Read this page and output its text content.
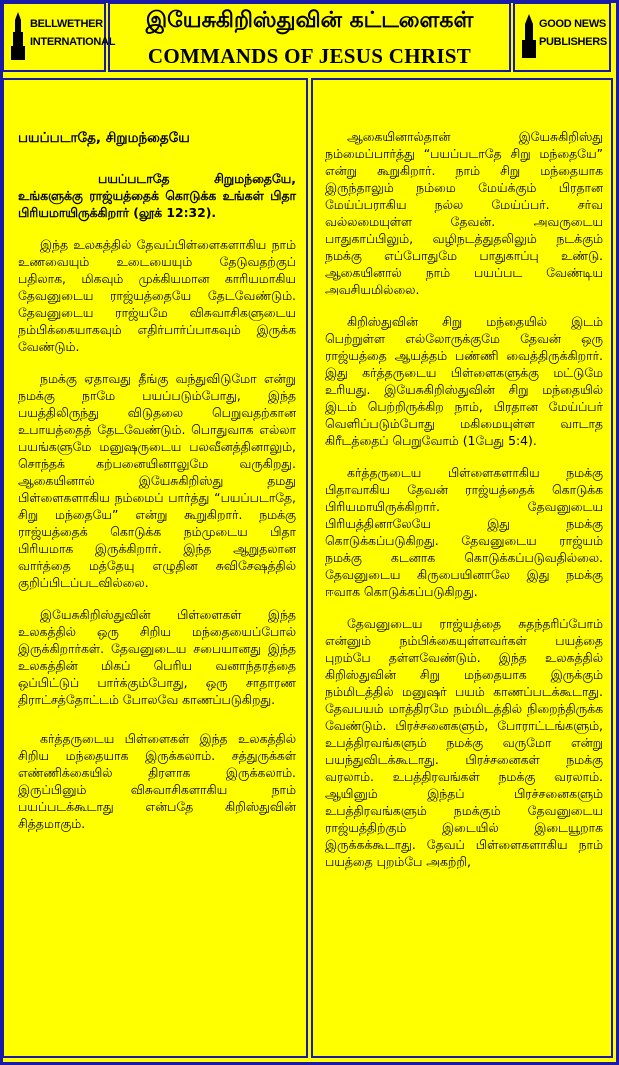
BELLWETHER
INTERNATIONAL
இயேசுகிறிஸ்துவின் கட்டளைகள்
COMMANDS OF JESUS CHRIST
GOOD NEWS
PUBLISHERS

பயப்படாதே, சிறுமந்தையே

பயப்படாதே சிறுமந்தையே, உங்களுக்கு ராஜ்யத்தைக் கொடுக்க உங்கள் பிதா பிரியமாயிருக்கிறார் (லூக் 12:32).

இந்த உலகத்தில் தேவப்பிள்ளைகளாகிய நாம் உணவையும் உடையையும் தேடுவதற்குப் பதிலாக, மிகவும் முக்கியமான காரியமாகிய தேவனுடைய ராஜ்யத்தையே தேடவேண்டும். தேவனுடைய ராஜ்யமே விசுவாசிகளுடைய நம்பிக்கையாகவும் எதிர்பார்ப்பாகவும் இருக்க வேண்டும்.

நமக்கு ஏதாவது தீங்கு வந்துவிடுமோ என்று நமக்கு நாமே பயப்படும்போது, இந்த பயத்திலிருந்து விடுதலை பெறுவதற்கான உபாயத்தைத் தேடவேண்டும். பொதுவாக எல்லா பயங்களுமே மனுஷருடைய பலவீனத்தினாலும், சொந்தக் கற்பனையினாலுமே வருகிறது. ஆகையினால் இயேசுகிறிஸ்து தமது பிள்ளைகளாகிய நம்மைப் பார்த்து “பயப்படாதே, சிறு மந்தையே” என்று கூறுகிறார். நமக்கு ராஜ்யத்தைக் கொடுக்க நம்முடைய பிதா பிரியமாக இருக்கிறார். இந்த ஆறுதலான வார்த்தை மத்தேயு எழுதின சுவிசேஷத்தில் குறிப்பிடப்படவில்லை.

இயேசுகிறிஸ்துவின் பிள்ளைகள் இந்த உலகத்தில் ஒரு சிறிய மந்தையைப்போல் இருக்கிறார்கள். தேவனுடைய சபையானது இந்த உலகத்தின் மிகப் பெரிய வனாந்தரத்தை ஒப்பிட்டுப் பார்க்கும்போது, ஒரு சாதாரண திராட்சத்தோட்டம் போலவே காணப்படுகிறது.

கர்த்தருடைய பிள்ளைகள் இந்த உலகத்தில் சிறிய மந்தையாக இருக்கலாம். சத்துருக்கள் எண்ணிக்கையில் திரளாக இருக்கலாம். இருப்பினும் விசுவாசிகளாகிய நாம் பயப்படக்கூடாது என்பதே கிறிஸ்துவின் சித்தமாகும்.

ஆகையினால்தான் இயேசுகிறிஸ்து நம்மைப்பார்த்து “பயப்படாதே சிறு மந்தையே” என்று கூறுகிறார். நாம் சிறு மந்தையாக இருந்தாலும் நம்மை மேய்க்கும் பிரதான மேய்ப்பராகிய நல்ல மேய்ப்பர். சர்வ வல்லமையுள்ள தேவன். அவருடைய பாதுகாப்பிலும், வழிநடத்துதலிலும் நடக்கும் நமக்கு எப்போதுமே பாதுகாப்பு உண்டு. ஆகையினால் நாம் பயப்பட வேண்டிய அவசியமில்லை.

கிறிஸ்துவின் சிறு மந்தையில் இடம் பெற்றுள்ள எல்லோருக்குமே தேவன் ஒரு ராஜ்யத்தை ஆயத்தம் பண்ணி வைத்திருக்கிறார். இது கர்த்தருடைய பிள்ளைகளுக்கு மட்டுமே உரியது. இயேசுகிறிஸ்துவின் சிறு மந்தையில் இடம் பெற்றிருக்கிற நாம், பிரதான மேய்ப்பர் வெளிப்படும்போது மகிமையுள்ள வாடாத கிரீடத்தைப் பெறுவோம் (1பேது 5:4).

கர்த்தருடைய பிள்ளைகளாகிய நமக்கு பிதாவாகிய தேவன் ராஜ்யத்தைக் கொடுக்க பிரியமாயிருக்கிறார். தேவனுடைய பிரியத்தினாலேயே இது நமக்கு கொடுக்கப்படுகிறது. தேவனுடைய ராஜ்யம் நமக்கு கடனாக கொடுக்கப்படுவதில்லை. தேவனுடைய கிருபையினாலே இது நமக்கு ஈவாக கொடுக்கப்படுகிறது.

தேவனுடைய ராஜ்யத்தை சுதந்தரிப்போம் என்னும் நம்பிக்கையுள்ளவர்கள் பயத்தை புறம்பே தள்ளவேண்டும். இந்த உலகத்தில் கிறிஸ்துவின் சிறு மந்தையாக இருக்கும் நம்மிடத்தில் மனுஷர் பயம் காணப்படக்கூடாது. தேவபயம் மாத்திரமே நம்மிடத்தில் நிறைந்திருக்க வேண்டும். பிரச்சனைகளும், போராட்டங்களும், உபத்திரவங்களும் நமக்கு வருமோ என்று பயந்துவிடக்கூடாது. பிரச்சனைகள் நமக்கு வரலாம். உபத்திரவங்கள் நமக்கு வரலாம். ஆயினும் இந்தப் பிரச்சனைகளும் உபத்திரவங்களும் நமக்கும் தேவனுடைய ராஜ்யத்திற்கும் இடையில் இடையூறாக இருக்கக்கூடாது. தேவப் பிள்ளைகளாகிய நாம் பயத்தை புறம்பே அகற்றி,
